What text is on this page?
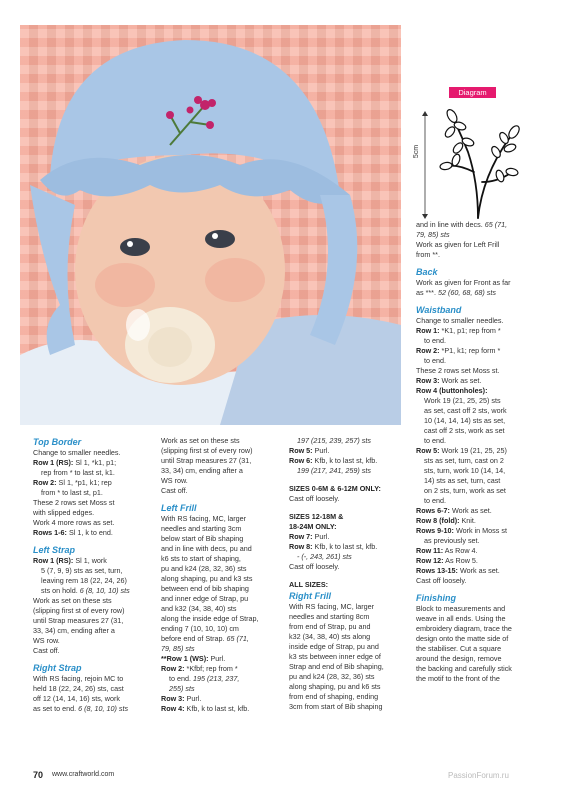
Diagram
5cm

Top Border

Change to smaller needles.

Row 1 (RS): Sl 1, *k1, p1;

rep from * to last st, k1.

Row 2: Sl 1, *p1, k1; rep

from * to last st, p1.

These 2 rows set Moss st

with slipped edges.

Work 4 more rows as set.

Rows 1-6: Sl 1, k to end.

Left Strap

Row 1 (RS): Sl 1, work

5 (7, 9, 9) sts as set, turn,

leaving rem 18 (22, 24, 26)

sts on hold. 6 (8, 10, 10) sts

Work as set on these sts

(slipping first st of every row)

until Strap measures 27 (31,

33, 34) cm, ending after a

WS row.

Cast off.

Right Strap

With RS facing, rejoin MC to

held 18 (22, 24, 26) sts, cast

off 12 (14, 14, 16) sts, work

as set to end. 6 (8, 10, 10) sts

Work as set on these sts

(slipping first st of every row)

until Strap measures 27 (31,

33, 34) cm, ending after a

WS row.

Cast off.

Left Frill

With RS facing, MC, larger

needles and starting 3cm

below start of Bib shaping

and in line with decs, pu and

k6 sts to start of shaping,

pu and k24 (28, 32, 36) sts

along shaping, pu and k3 sts

between end of bib shaping

and inner edge of Strap, pu

and k32 (34, 38, 40) sts

along the inside edge of Strap,

ending 7 (10, 10, 10) cm

before end of Strap. 65 (71,

79, 85) sts

**Row 1 (WS): Purl.

Row 2: *Kfbf; rep from *

to end. 195 (213, 237,

255) sts

Row 3: Purl.

Row 4: Kfb, k to last st, kfb.

197 (215, 239, 257) sts

Row 5: Purl.

Row 6: Kfb, k to last st, kfb.

199 (217, 241, 259) sts

SIZES 0-6M & 6-12M ONLY:

Cast off loosely.

SIZES 12-18M &

18-24M ONLY:

Row 7: Purl.

Row 8: Kfb, k to last st, kfb.

- (-, 243, 261) sts

Cast off loosely.

ALL SIZES:

Right Frill

With RS facing, MC, larger

needles and starting 8cm

from end of Strap, pu and

k32 (34, 38, 40) sts along

inside edge of Strap, pu and

k3 sts between inner edge of

Strap and end of Bib shaping,

pu and k24 (28, 32, 36) sts

along shaping, pu and k6 sts

from end of shaping, ending

3cm from start of Bib shaping

and in line with decs. 65 (71,

79, 85) sts

Work as given for Left Frill

from **.

Back

Work as given for Front as far

as ***. 52 (60, 68, 68) sts

Waistband

Change to smaller needles.

Row 1: *K1, p1; rep from *

to end.

Row 2: *P1, k1; rep form *

to end.

These 2 rows set Moss st.

Row 3: Work as set.

Row 4 (buttonholes):

Work 19 (21, 25, 25) sts

as set, cast off 2 sts, work

10 (14, 14, 14) sts as set,

cast off 2 sts, work as set

to end.

Row 5: Work 19 (21, 25, 25)

sts as set, turn, cast on 2

sts, turn, work 10 (14, 14,

14) sts as set, turn, cast

on 2 sts, turn, work as set

to end.

Rows 6-7: Work as set.

Row 8 (fold): Knit.

Rows 9-10: Work in Moss st

as previously set.

Row 11: As Row 4.

Row 12: As Row 5.

Rows 13-15: Work as set.

Cast off loosely.

Finishing

Block to measurements and

weave in all ends. Using the

embroidery diagram, trace the

design onto the matte side of

the stabiliser. Cut a square

around the design, remove

the backing and carefully stick

the motif to the front of the

70 www.craftworld.com	PassionForum.ru
